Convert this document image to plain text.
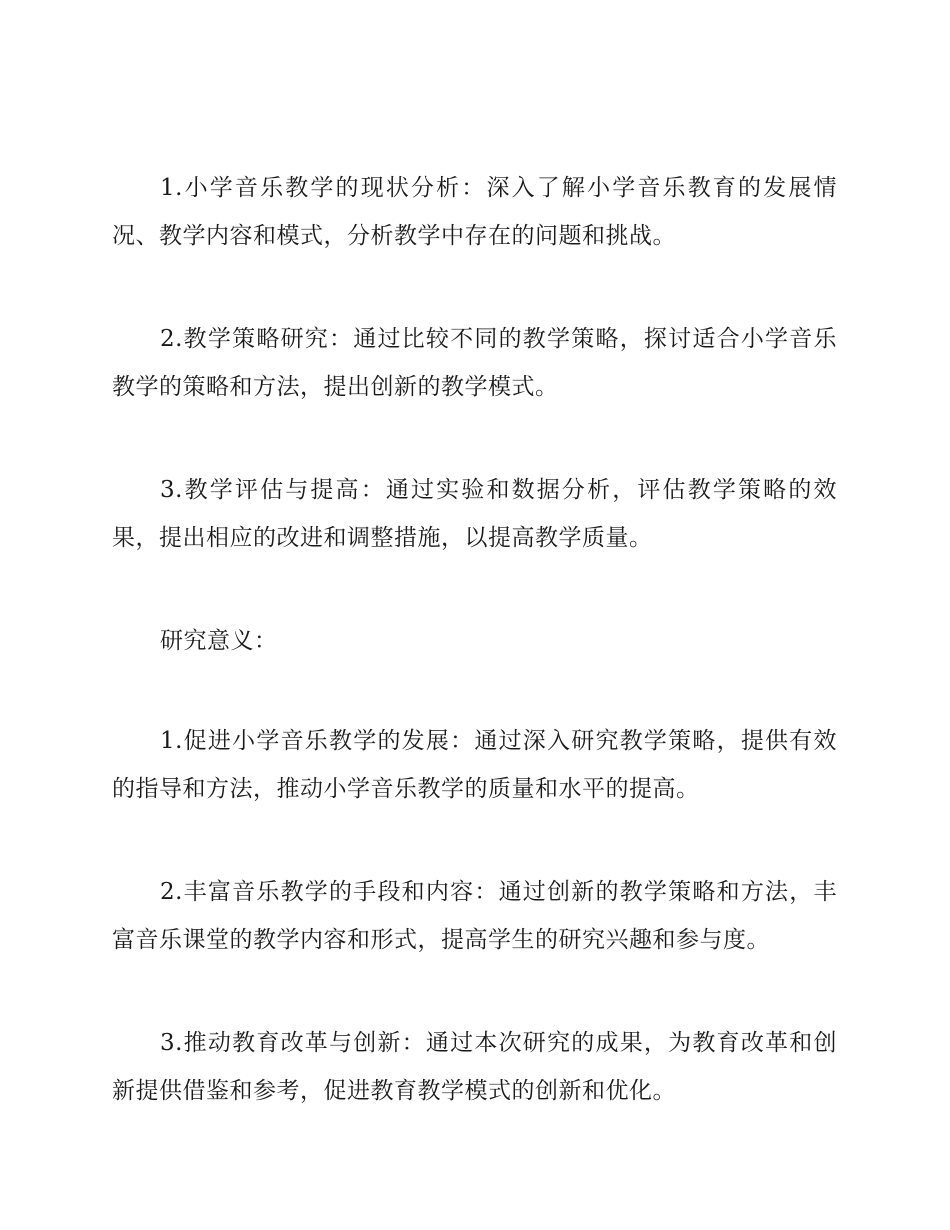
1.小学音乐教学的现状分析：深入了解小学音乐教育的发展情况、教学内容和模式，分析教学中存在的问题和挑战。

2.教学策略研究：通过比较不同的教学策略，探讨适合小学音乐教学的策略和方法，提出创新的教学模式。

3.教学评估与提高：通过实验和数据分析，评估教学策略的效果，提出相应的改进和调整措施，以提高教学质量。

研究意义：

1.促进小学音乐教学的发展：通过深入研究教学策略，提供有效的指导和方法，推动小学音乐教学的质量和水平的提高。

2.丰富音乐教学的手段和内容：通过创新的教学策略和方法，丰富音乐课堂的教学内容和形式，提高学生的研究兴趣和参与度。

3.推动教育改革与创新：通过本次研究的成果，为教育改革和创新提供借鉴和参考，促进教育教学模式的创新和优化。
